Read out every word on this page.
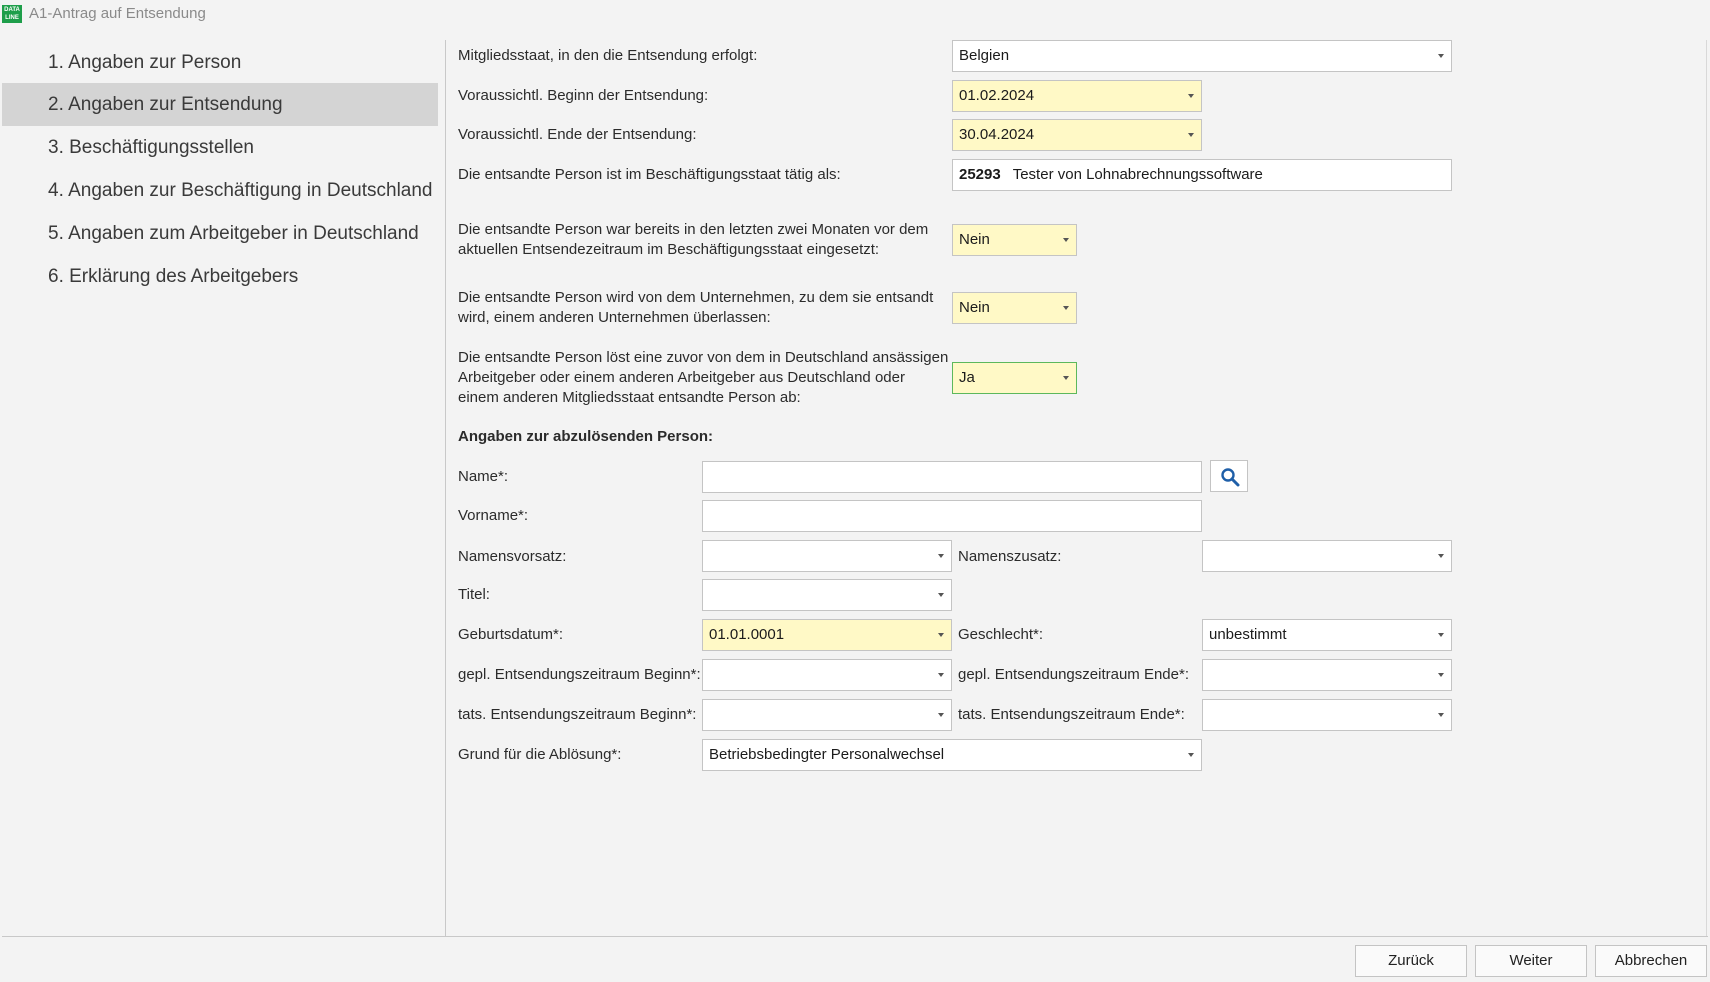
DATA LINE A1-Antrag auf Entsendung
1. Angaben zur Person
2. Angaben zur Entsendung
3. Beschäftigungsstellen
4. Angaben zur Beschäftigung in Deutschland
5. Angaben zum Arbeitgeber in Deutschland
6. Erklärung des Arbeitgebers
Mitgliedsstaat, in den die Entsendung erfolgt:	Belgien
Voraussichtl. Beginn der Entsendung:	01.02.2024
Voraussichtl. Ende der Entsendung:	30.04.2024
Die entsandte Person ist im Beschäftigungsstaat tätig als:	25293 Tester von Lohnabrechnungssoftware
Die entsandte Person war bereits in den letzten zwei Monaten vor dem
aktuellen Entsendezeitraum im Beschäftigungsstaat eingesetzt:
Nein
Die entsandte Person wird von dem Unternehmen, zu dem sie entsandt
wird, einem anderen Unternehmen überlassen:
Nein
Die entsandte Person löst eine zuvor von dem in Deutschland ansässigen
Arbeitgeber oder einem anderen Arbeitgeber aus Deutschland oder
einem anderen Mitgliedsstaat entsandte Person ab:
Ja
Angaben zur abzulösenden Person:
Name*:
Vorname*:
Namensvorsatz:	Namenszusatz:
Titel:
Geburtsdatum*:	01.01.0001	Geschlecht*:	unbestimmt
gepl. Entsendungszeitraum Beginn*:	gepl. Entsendungszeitraum Ende*:
tats. Entsendungszeitraum Beginn*:	tats. Entsendungszeitraum Ende*:
Grund für die Ablösung*:	Betriebsbedingter Personalwechsel
Zurück	Weiter	Abbrechen
